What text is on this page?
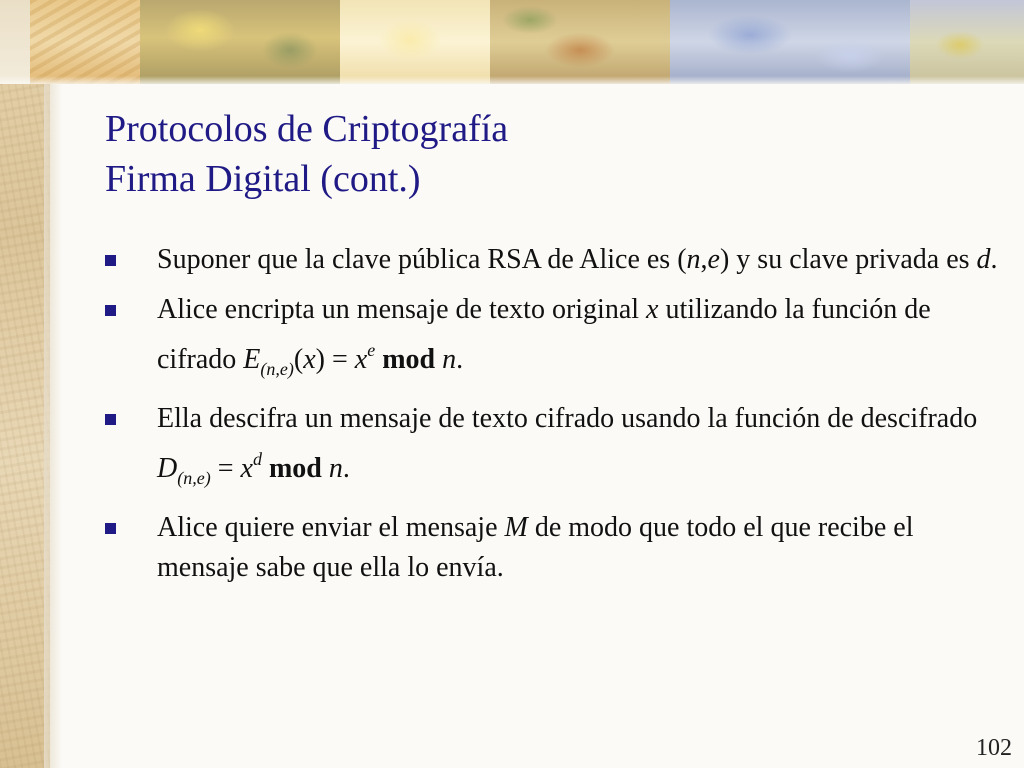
Protocolos de Criptografía
Firma Digital (cont.)
Suponer que la clave pública RSA de Alice es (n,e) y su clave privada es d.
Alice encripta un mensaje de texto original x utilizando la función de cifrado $E_{(n,e)}(x) = x^e$ mod n.
Ella descifra un mensaje de texto cifrado usando la función de descifrado $D_{(n,e)} = x^d$ mod n.
Alice quiere enviar el mensaje M de modo que todo el que recibe el mensaje sabe que ella lo envía.
102
